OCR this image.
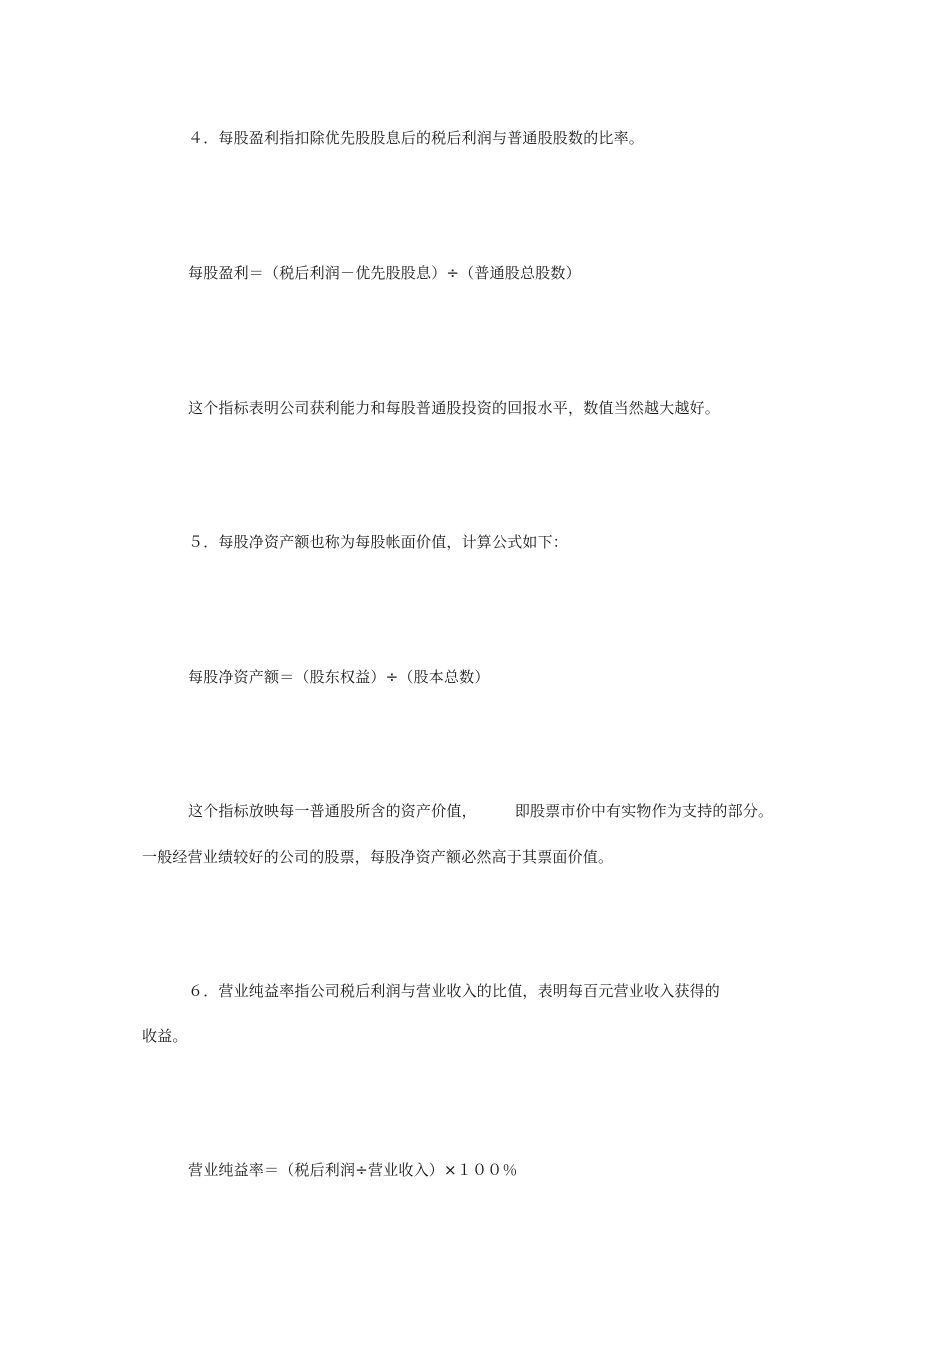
４．每股盈利指扣除优先股股息后的税后利润与普通股股数的比率。
每股盈利＝（税后利润－优先股股息）÷（普通股总股数）
这个指标表明公司获利能力和每股普通股投资的回报水平，数值当然越大越好。
５．每股净资产额也称为每股帐面价值，计算公式如下：
每股净资产额＝（股东权益）÷（股本总数）
这个指标放映每一普通股所含的资产价值，	即股票市价中有实物作为支持的部分。
一般经营业绩较好的公司的股票，每股净资产额必然高于其票面价值。
６．营业纯益率指公司税后利润与营业收入的比值，表明每百元营业收入获得的
收益。
营业纯益率＝（税后利润÷营业收入）×１００％
